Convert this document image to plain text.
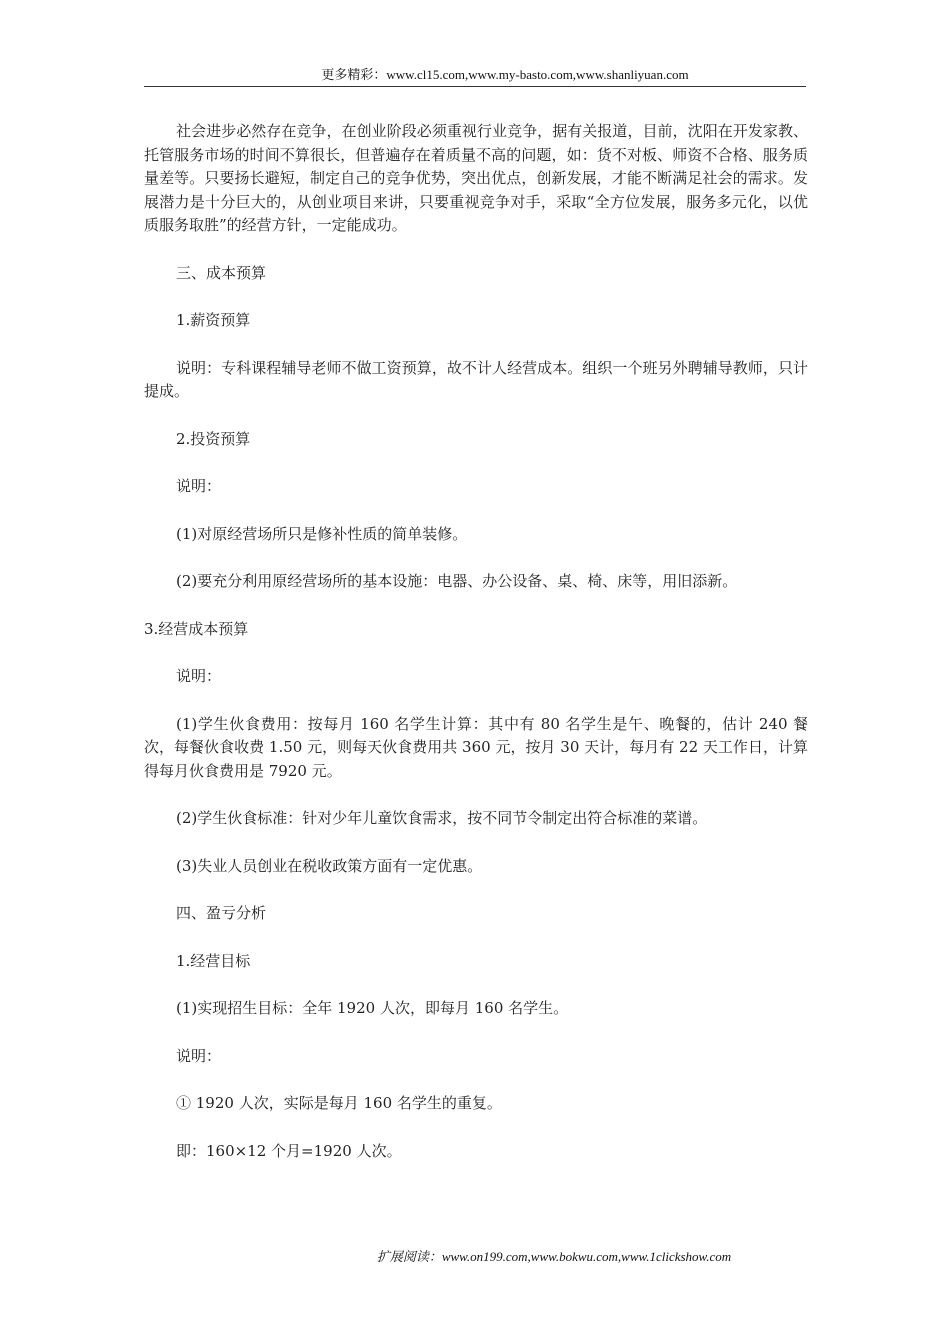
更多精彩：www.cl15.com,www.my-basto.com,www.shanliyuan.com

社会进步必然存在竞争，在创业阶段必须重视行业竞争，据有关报道，目前，沈阳在开发家教、托管服务市场的时间不算很长，但普遍存在着质量不高的问题，如：货不对板、师资不合格、服务质量差等。只要扬长避短，制定自己的竞争优势，突出优点，创新发展，才能不断满足社会的需求。发展潜力是十分巨大的，从创业项目来讲，只要重视竞争对手，采取“全方位发展，服务多元化，以优质服务取胜”的经营方针，一定能成功。

三、成本预算

1.薪资预算

说明：专科课程辅导老师不做工资预算，故不计人经营成本。组织一个班另外聘辅导教师，只计提成。

2.投资预算

说明：

(1)对原经营场所只是修补性质的简单装修。

(2)要充分利用原经营场所的基本设施：电器、办公设备、桌、椅、床等，用旧添新。

3.经营成本预算

说明：

(1)学生伙食费用：按每月 160 名学生计算：其中有 80 名学生是午、晚餐的，估计 240 餐次，每餐伙食收费 1.50 元，则每天伙食费用共 360 元，按月 30 天计，每月有 22 天工作日，计算得每月伙食费用是 7920 元。

(2)学生伙食标准：针对少年儿童饮食需求，按不同节令制定出符合标准的菜谱。

(3)失业人员创业在税收政策方面有一定优惠。

四、盈亏分析

1.经营目标

(1)实现招生目标：全年 1920 人次，即每月 160 名学生。

说明：

① 1920 人次，实际是每月 160 名学生的重复。

即：160×12 个月=1920 人次。

扩展阅读：www.on199.com,www.bokwu.com,www.1clickshow.com
